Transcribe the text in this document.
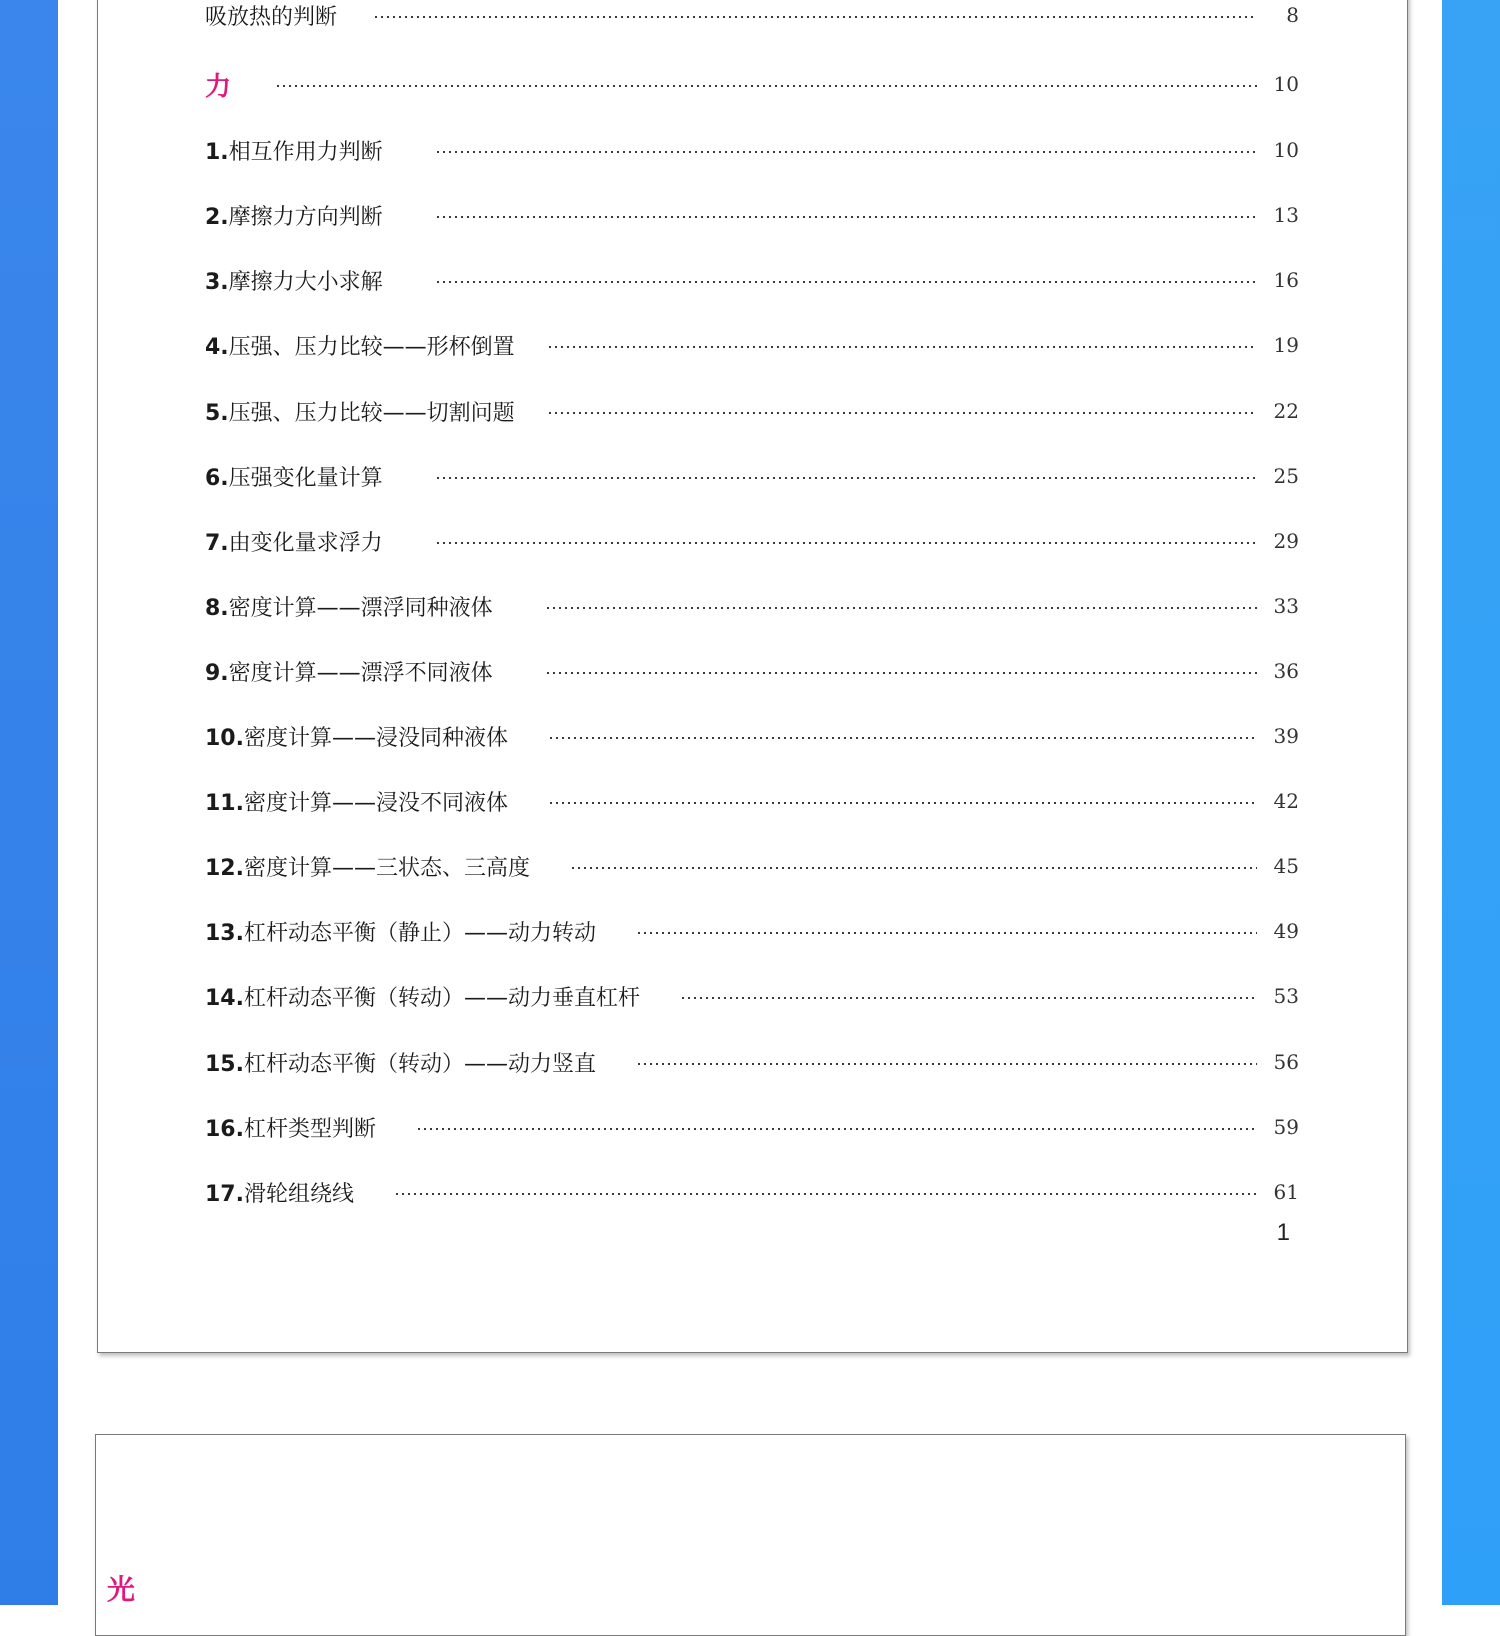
吸放热的判断	8
力	10
1.相互作用力判断	10
2.摩擦力方向判断	13
3.摩擦力大小求解	16
4.压强、压力比较——形杯倒置	19
5.压强、压力比较——切割问题	22
6.压强变化量计算	25
7.由变化量求浮力	29
8.密度计算——漂浮同种液体	33
9.密度计算——漂浮不同液体	36
10.密度计算——浸没同种液体	39
11.密度计算——浸没不同液体	42
12.密度计算——三状态、三高度	45
13.杠杆动态平衡（静止）——动力转动	49
14.杠杆动态平衡（转动）——动力垂直杠杆	53
15.杠杆动态平衡（转动）——动力竖直	56
16.杠杆类型判断	59
17.滑轮组绕线	61
1
光
